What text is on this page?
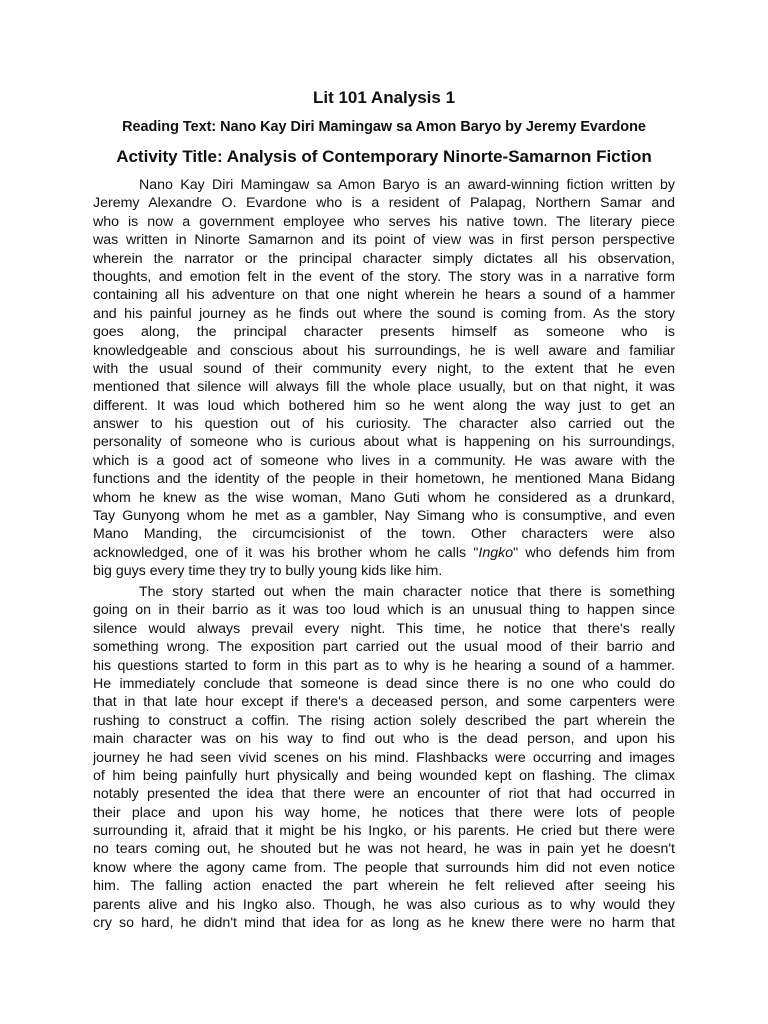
Lit 101 Analysis 1
Reading Text: Nano Kay Diri Mamingaw sa Amon Baryo by Jeremy Evardone
Activity Title: Analysis of Contemporary Ninorte-Samarnon Fiction
Nano Kay Diri Mamingaw sa Amon Baryo is an award-winning fiction written by
Jeremy Alexandre O. Evardone who is a resident of Palapag, Northern Samar and
who is now a government employee who serves his native town. The literary piece
was written in Ninorte Samarnon and its point of view was in first person perspective
wherein the narrator or the principal character simply dictates all his observation,
thoughts, and emotion felt in the event of the story. The story was in a narrative form
containing all his adventure on that one night wherein he hears a sound of a hammer
and his painful journey as he finds out where the sound is coming from. As the story
goes along, the principal character presents himself as someone who is
knowledgeable and conscious about his surroundings, he is well aware and familiar
with the usual sound of their community every night, to the extent that he even
mentioned that silence will always fill the whole place usually, but on that night, it was
different. It was loud which bothered him so he went along the way just to get an
answer to his question out of his curiosity. The character also carried out the
personality of someone who is curious about what is happening on his surroundings,
which is a good act of someone who lives in a community. He was aware with the
functions and the identity of the people in their hometown, he mentioned Mana Bidang
whom he knew as the wise woman, Mano Guti whom he considered as a drunkard,
Tay Gunyong whom he met as a gambler, Nay Simang who is consumptive, and even
Mano Manding, the circumcisionist of the town. Other characters were also
acknowledged, one of it was his brother whom he calls "Ingko" who defends him from
big guys every time they try to bully young kids like him.
The story started out when the main character notice that there is something
going on in their barrio as it was too loud which is an unusual thing to happen since
silence would always prevail every night. This time, he notice that there's really
something wrong. The exposition part carried out the usual mood of their barrio and
his questions started to form in this part as to why is he hearing a sound of a hammer.
He immediately conclude that someone is dead since there is no one who could do
that in that late hour except if there's a deceased person, and some carpenters were
rushing to construct a coffin. The rising action solely described the part wherein the
main character was on his way to find out who is the dead person, and upon his
journey he had seen vivid scenes on his mind. Flashbacks were occurring and images
of him being painfully hurt physically and being wounded kept on flashing. The climax
notably presented the idea that there were an encounter of riot that had occurred in
their place and upon his way home, he notices that there were lots of people
surrounding it, afraid that it might be his Ingko, or his parents. He cried but there were
no tears coming out, he shouted but he was not heard, he was in pain yet he doesn't
know where the agony came from. The people that surrounds him did not even notice
him. The falling action enacted the part wherein he felt relieved after seeing his
parents alive and his Ingko also. Though, he was also curious as to why would they
cry so hard, he didn't mind that idea for as long as he knew there were no harm that
